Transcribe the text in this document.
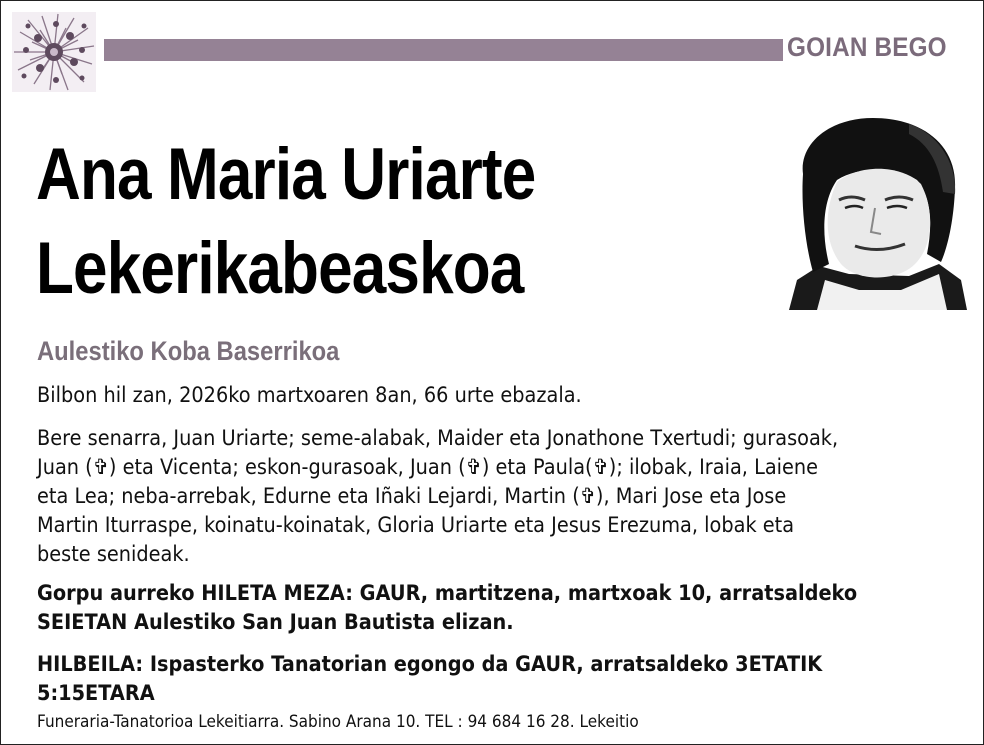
GOIAN BEGO
Ana Maria Uriarte
Lekerikabeaskoa
Aulestiko Koba Baserrikoa

Bilbon hil zan, 2026ko martxoaren 8an, 66 urte ebazala.

Bere senarra, Juan Uriarte; seme-alabak, Maider eta Jonathone Txertudi; gurasoak,
Juan (✞) eta Vicenta; eskon-gurasoak, Juan (✞) eta Paula(✞); ilobak, Iraia, Laiene
eta Lea; neba-arrebak, Edurne eta Iñaki Lejardi, Martin (✞), Mari Jose eta Jose
Martin Iturraspe, koinatu-koinatak, Gloria Uriarte eta Jesus Erezuma, lobak eta
beste senideak.

Gorpu aurreko HILETA MEZA: GAUR, martitzena, martxoak 10, arratsaldeko
SEIETAN Aulestiko San Juan Bautista elizan.

HILBEILA: Ispasterko Tanatorian egongo da GAUR, arratsaldeko 3ETATIK
5:15ETARA

Funeraria-Tanatorioa Lekeitiarra. Sabino Arana 10. TEL : 94 684 16 28. Lekeitio
